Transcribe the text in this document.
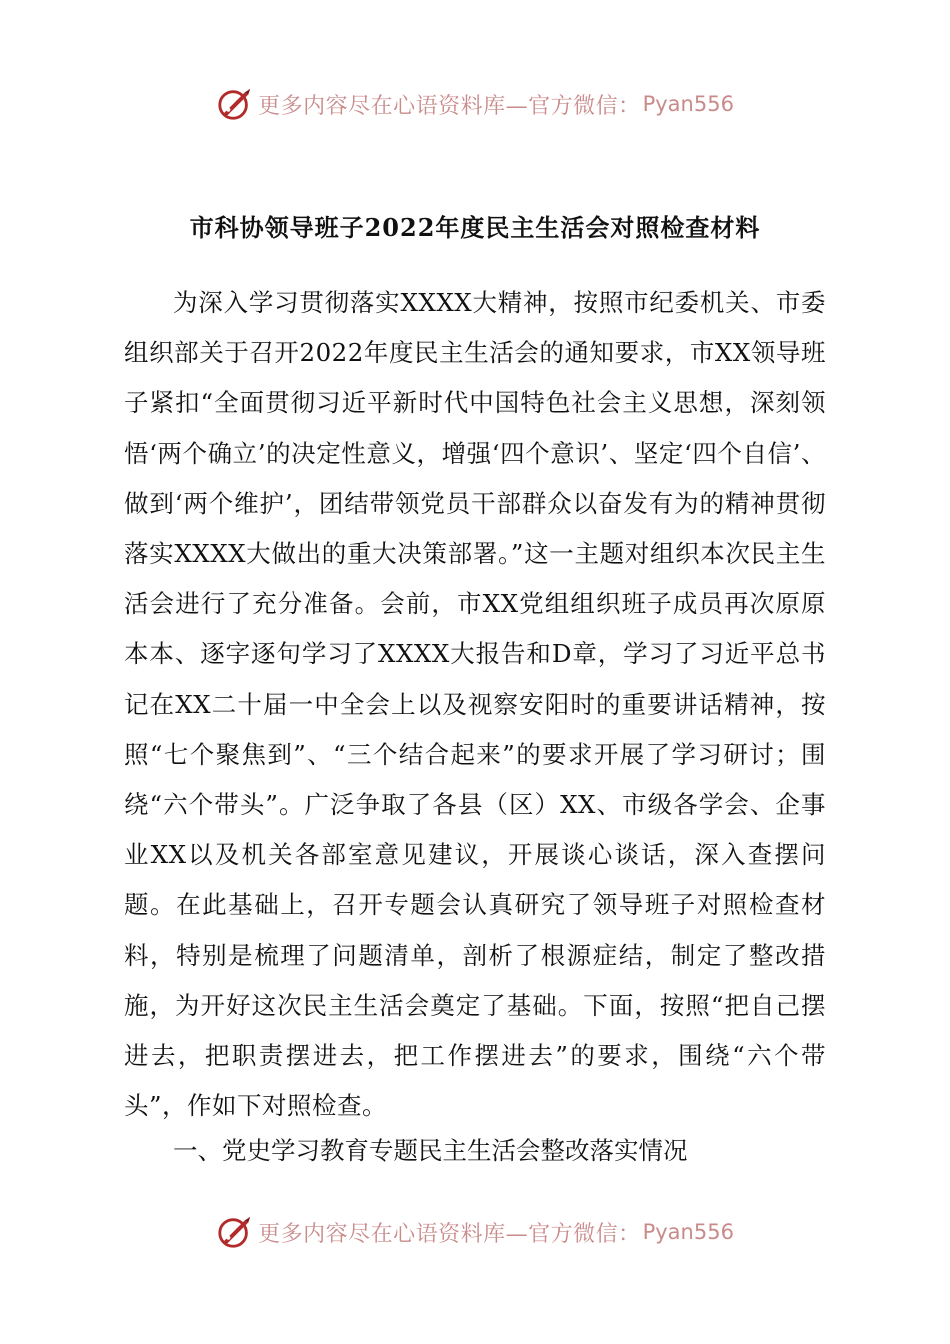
更多内容尽在心语资料库—官方微信： Pyan556
市科协领导班子2022年度民主生活会对照检查材料

为深入学习贯彻落实XXXX大精神，按照市纪委机关、市委组织部关于召开2022年度民主生活会的通知要求，市XX领导班子紧扣“全面贯彻习近平新时代中国特色社会主义思想，深刻领悟‘两个确立’的决定性意义，增强‘四个意识’、坚定‘四个自信’、做到‘两个维护’，团结带领党员干部群众以奋发有为的精神贯彻落实XXXX大做出的重大决策部署。”这一主题对组织本次民主生活会进行了充分准备。会前，市XX党组组织班子成员再次原原本本、逐字逐句学习了XXXX大报告和D章，学习了习近平总书记在XX二十届一中全会上以及视察安阳时的重要讲话精神，按照“七个聚焦到”、“三个结合起来”的要求开展了学习研讨；围绕“六个带头”。广泛争取了各县（区）XX、市级各学会、企事业XX以及机关各部室意见建议，开展谈心谈话，深入查摆问题。在此基础上，召开专题会认真研究了领导班子对照检查材料，特别是梳理了问题清单，剖析了根源症结，制定了整改措施，为开好这次民主生活会奠定了基础。下面，按照“把自己摆进去，把职责摆进去，把工作摆进去”的要求，围绕“六个带头”，作如下对照检查。

一、党史学习教育专题民主生活会整改落实情况
更多内容尽在心语资料库—官方微信： Pyan556
